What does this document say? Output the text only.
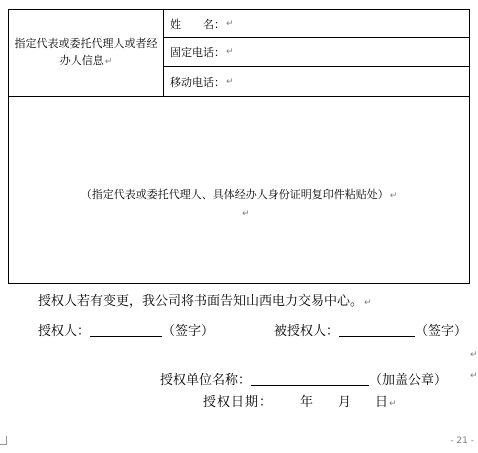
指定代表或委托代理人或者经办人信息↵
姓 名： ↵
固定电话： ↵
移动电话： ↵
（指定代表或委托代理人、具体经办人身份证明复印件粘贴处）↵
↵
授权人若有变更，我公司将书面告知山西电力交易中心。↵
授权人：	（签字）	被授权人：	（签字）
↵
授权单位名称：	（加盖公章）	↵
授权日期： 年 月 日↵
- 21 -
